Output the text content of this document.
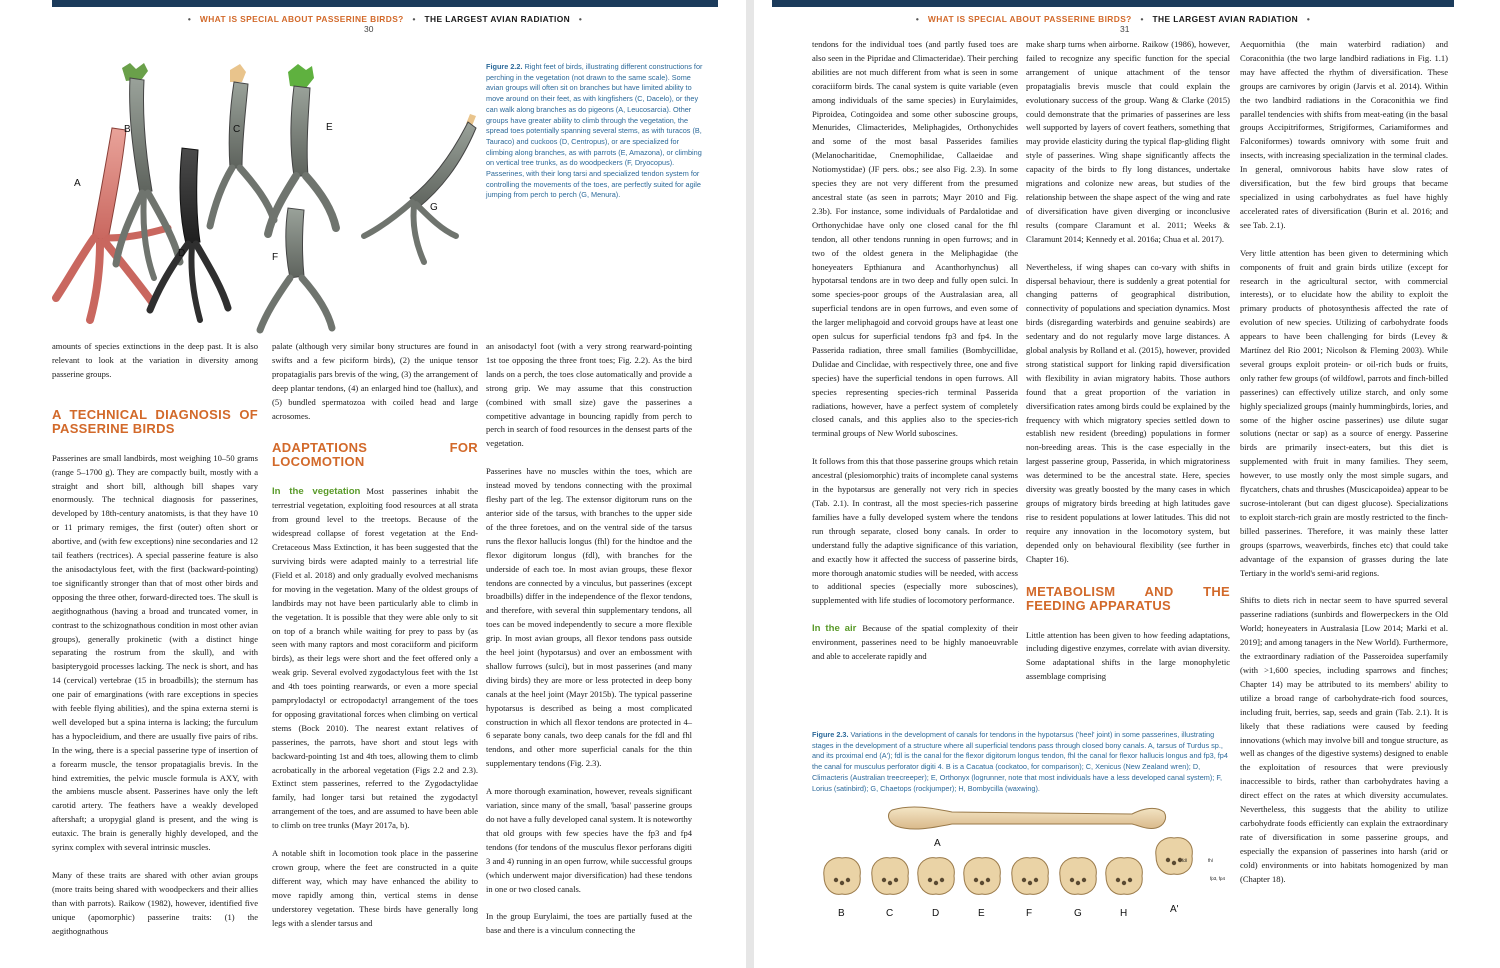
• WHAT IS SPECIAL ABOUT PASSERINE BIRDS? • THE LARGEST AVIAN RADIATION •
30
A
B	C
D
E
F
G
Figure 2.2. Right feet of birds, illustrating different constructions for perching in the vegetation (not drawn to the same scale). Some avian groups will often sit on branches but have limited ability to move around on their feet, as with kingfishers (C, Dacelo), or they can walk along branches as do pigeons (A, Leucosarcia). Other groups have greater ability to climb through the vegetation, the spread toes potentially spanning several stems, as with turacos (B, Tauraco) and cuckoos (D, Centropus), or are specialized for climbing along branches, as with parrots (E, Amazona), or climbing on vertical tree trunks, as do woodpeckers (F, Dryocopus). Passerines, with their long tarsi and specialized tendon system for controlling the movements of the toes, are perfectly suited for agile jumping from perch to perch (G, Menura).

amounts of species extinctions in the deep past. It is also relevant to look at the variation in diversity among passerine groups.

A TECHNICAL DIAGNOSIS OF PASSERINE BIRDS

Passerines are small landbirds, most weighing 10–50 grams (range 5–1700 g). They are compactly built, mostly with a straight and short bill, although bill shapes vary enormously. The technical diagnosis for passerines, developed by 18th-century anatomists, is that they have 10 or 11 primary remiges, the first (outer) often short or abortive, and (with few exceptions) nine secondaries and 12 tail feathers (rectrices). A special passerine feature is also the anisodactylous feet, with the first (backward-pointing) toe significantly stronger than that of most other birds and opposing the three other, forward-directed toes. The skull is aegithognathous (having a broad and truncated vomer, in contrast to the schizognathous condition in most other avian groups), generally prokinetic (with a distinct hinge separating the rostrum from the skull), and with basipterygoid processes lacking. The neck is short, and has 14 (cervical) vertebrae (15 in broadbills); the sternum has one pair of emarginations (with rare exceptions in species with feeble flying abilities), and the spina externa sterni is well developed but a spina interna is lacking; the furculum has a hypocleidium, and there are usually five pairs of ribs. In the wing, there is a special passerine type of insertion of a forearm muscle, the tensor propatagialis brevis. In the hind extremities, the pelvic muscle formula is AXY, with the ambiens muscle absent. Passerines have only the left carotid artery. The feathers have a weakly developed aftershaft; a uropygial gland is present, and the wing is eutaxic. The brain is generally highly developed, and the syrinx complex with several intrinsic muscles.

Many of these traits are shared with other avian groups (more traits being shared with woodpeckers and their allies than with parrots). Raikow (1982), however, identified five unique (apomorphic) passerine traits: (1) the aegithognathous

palate (although very similar bony structures are found in swifts and a few piciform birds), (2) the unique tensor propatagialis pars brevis of the wing, (3) the arrangement of deep plantar tendons, (4) an enlarged hind toe (hallux), and (5) bundled spermatozoa with coiled head and large acrosomes.

ADAPTATIONS FOR LOCOMOTION

In the vegetation Most passerines inhabit the terrestrial vegetation, exploiting food resources at all strata from ground level to the treetops. Because of the widespread collapse of forest vegetation at the End-Cretaceous Mass Extinction, it has been suggested that the surviving birds were adapted mainly to a terrestrial life (Field et al. 2018) and only gradually evolved mechanisms for moving in the vegetation. Many of the oldest groups of landbirds may not have been particularly able to climb in the vegetation. It is possible that they were able only to sit on top of a branch while waiting for prey to pass by (as seen with many raptors and most coraciiform and piciform birds), as their legs were short and the feet offered only a weak grip. Several evolved zygodactylous feet with the 1st and 4th toes pointing rearwards, or even a more special pamprylodactyl or ectropodactyl arrangement of the toes for opposing gravitational forces when climbing on vertical stems (Bock 2010). The nearest extant relatives of passerines, the parrots, have short and stout legs with backward-pointing 1st and 4th toes, allowing them to climb acrobatically in the arboreal vegetation (Figs 2.2 and 2.3). Extinct stem passerines, referred to the Zygodactylidae family, had longer tarsi but retained the zygodactyl arrangement of the toes, and are assumed to have been able to climb on tree trunks (Mayr 2017a, b).

A notable shift in locomotion took place in the passerine crown group, where the feet are constructed in a quite different way, which may have enhanced the ability to move rapidly among thin, vertical stems in dense understorey vegetation. These birds have generally long legs with a slender tarsus and

an anisodactyl foot (with a very strong rearward-pointing 1st toe opposing the three front toes; Fig. 2.2). As the bird lands on a perch, the toes close automatically and provide a strong grip. We may assume that this construction (combined with small size) gave the passerines a competitive advantage in bouncing rapidly from perch to perch in search of food resources in the densest parts of the vegetation.

Passerines have no muscles within the toes, which are instead moved by tendons connecting with the proximal fleshy part of the leg. The extensor digitorum runs on the anterior side of the tarsus, with branches to the upper side of the three foretoes, and on the ventral side of the tarsus runs the flexor hallucis longus (fhl) for the hindtoe and the flexor digitorum longus (fdl), with branches for the underside of each toe. In most avian groups, these flexor tendons are connected by a vinculus, but passerines (except broadbills) differ in the independence of the flexor tendons, and therefore, with several thin supplementary tendons, all toes can be moved independently to secure a more flexible grip. In most avian groups, all flexor tendons pass outside the heel joint (hypotarsus) and over an embossment with shallow furrows (sulci), but in most passerines (and many diving birds) they are more or less protected in deep bony canals at the heel joint (Mayr 2015b). The typical passerine hypotarsus is described as being a most complicated construction in which all flexor tendons are protected in 4–6 separate bony canals, two deep canals for the fdl and fhl tendons, and other more superficial canals for the thin supplementary tendons (Fig. 2.3).

A more thorough examination, however, reveals significant variation, since many of the small, 'basal' passerine groups do not have a fully developed canal system. It is noteworthy that old groups with few species have the fp3 and fp4 tendons (for tendons of the musculus flexor perforans digiti 3 and 4) running in an open furrow, while successful groups (which underwent major diversification) had these tendons in one or two closed canals.

In the group Eurylaimi, the toes are partially fused at the base and there is a vinculum connecting the

• WHAT IS SPECIAL ABOUT PASSERINE BIRDS? • THE LARGEST AVIAN RADIATION •
31

tendons for the individual toes (and partly fused toes are also seen in the Pipridae and Climacteridae). Their perching abilities are not much different from what is seen in some coraciiform birds. The canal system is quite variable (even among individuals of the same species) in Eurylaimides, Piproidea, Cotingoidea and some other suboscine groups, Menurides, Climacterides, Meliphagides, Orthonychides and some of the most basal Passerides families (Melanocharitidae, Cnemophilidae, Callaeidae and Notiomystidae) (JF pers. obs.; see also Fig. 2.3). In some species they are not very different from the presumed ancestral state (as seen in parrots; Mayr 2010 and Fig. 2.3b). For instance, some individuals of Pardalotidae and Orthonychidae have only one closed canal for the fhl tendon, all other tendons running in open furrows; and in two of the oldest genera in the Meliphagidae (the honeyeaters Epthianura and Acanthorhynchus) all hypotarsal tendons are in two deep and fully open sulci. In some species-poor groups of the Australasian area, all superficial tendons are in open furrows, and even some of the larger meliphagoid and corvoid groups have at least one open sulcus for superficial tendons fp3 and fp4. In the Passerida radiation, three small families (Bombycillidae, Dulidae and Cinclidae, with respectively three, one and five species) have the superficial tendons in open furrows. All species representing species-rich terminal Passerida radiations, however, have a perfect system of completely closed canals, and this applies also to the species-rich terminal groups of New World suboscines.

It follows from this that those passerine groups which retain ancestral (plesiomorphic) traits of incomplete canal systems in the hypotarsus are generally not very rich in species (Tab. 2.1). In contrast, all the most species-rich passerine families have a fully developed system where the tendons run through separate, closed bony canals. In order to understand fully the adaptive significance of this variation, and exactly how it affected the success of passerine birds, more thorough anatomic studies will be needed, with access to additional species (especially more suboscines), supplemented with life studies of locomotory performance.

In the air Because of the spatial complexity of their environment, passerines need to be highly manoeuvrable and able to accelerate rapidly and

make sharp turns when airborne. Raikow (1986), however, failed to recognize any specific function for the special arrangement of unique attachment of the tensor propatagialis brevis muscle that could explain the evolutionary success of the group. Wang & Clarke (2015) could demonstrate that the primaries of passerines are less well supported by layers of covert feathers, something that may provide elasticity during the typical flap-gliding flight style of passerines. Wing shape significantly affects the capacity of the birds to fly long distances, undertake migrations and colonize new areas, but studies of the relationship between the shape aspect of the wing and rate of diversification have given diverging or inconclusive results (compare Claramunt et al. 2011; Weeks & Claramunt 2014; Kennedy et al. 2016a; Chua et al. 2017).

Nevertheless, if wing shapes can co-vary with shifts in dispersal behaviour, there is suddenly a great potential for changing patterns of geographical distribution, connectivity of populations and speciation dynamics. Most birds (disregarding waterbirds and genuine seabirds) are sedentary and do not regularly move large distances. A global analysis by Rolland et al. (2015), however, provided strong statistical support for linking rapid diversification with flexibility in avian migratory habits. Those authors found that a great proportion of the variation in diversification rates among birds could be explained by the frequency with which migratory species settled down to establish new resident (breeding) populations in former non-breeding areas. This is the case especially in the largest passerine group, Passerida, in which migratoriness was determined to be the ancestral state. Here, species diversity was greatly boosted by the many cases in which groups of migratory birds breeding at high latitudes gave rise to resident populations at lower latitudes. This did not require any innovation in the locomotory system, but depended only on behavioural flexibility (see further in Chapter 16).

METABOLISM AND THE FEEDING APPARATUS

Little attention has been given to how feeding adaptations, including digestive enzymes, correlate with avian diversity. Some adaptational shifts in the large monophyletic assemblage comprising

Aequornithia (the main waterbird radiation) and Coraconithia (the two large landbird radiations in Fig. 1.1) may have affected the rhythm of diversification. These groups are carnivores by origin (Jarvis et al. 2014). Within the two landbird radiations in the Coraconithia we find parallel tendencies with shifts from meat-eating (in the basal groups Accipitriformes, Strigiformes, Cariamiformes and Falconiformes) towards omnivory with some fruit and insects, with increasing specialization in the terminal clades. In general, omnivorous habits have slow rates of diversification, but the few bird groups that became specialized in using carbohydrates as fuel have highly accelerated rates of diversification (Burin et al. 2016; and see Tab. 2.1).

Very little attention has been given to determining which components of fruit and grain birds utilize (except for research in the agricultural sector, with commercial interests), or to elucidate how the ability to exploit the primary products of photosynthesis affected the rate of evolution of new species. Utilizing of carbohydrate foods appears to have been challenging for birds (Levey & Martínez del Rio 2001; Nicolson & Fleming 2003). While several groups exploit protein- or oil-rich buds or fruits, only rather few groups (of wildfowl, parrots and finch-billed passerines) can effectively utilize starch, and only some highly specialized groups (mainly hummingbirds, lories, and some of the higher oscine passerines) use dilute sugar solutions (nectar or sap) as a source of energy. Passerine birds are primarily insect-eaters, but this diet is supplemented with fruit in many families. They seem, however, to use mostly only the most simple sugars, and flycatchers, chats and thrushes (Muscicapoidea) appear to be sucrose-intolerant (but can digest glucose). Specializations to exploit starch-rich grain are mostly restricted to the finch-billed passerines. Therefore, it was mainly these latter groups (sparrows, weaverbirds, finches etc) that could take advantage of the expansion of grasses during the late Tertiary in the world's semi-arid regions.

Shifts to diets rich in nectar seem to have spurred several passerine radiations (sunbirds and flowerpeckers in the Old World; honeyeaters in Australasia [Low 2014; Marki et al. 2019]; and among tanagers in the New World). Furthermore, the extraordinary radiation of the Passeroidea superfamily (with >1,600 species, including sparrows and finches; Chapter 14) may be attributed to its members' ability to utilize a broad range of carbohydrate-rich food sources, including fruit, berries, sap, seeds and grain (Tab. 2.1). It is likely that these radiations were caused by feeding innovations (which may involve bill and tongue structure, as well as changes of the digestive systems) designed to enable the exploitation of resources that were previously inaccessible to birds, rather than carbohydrates having a direct effect on the rates at which diversity accumulates. Nevertheless, this suggests that the ability to utilize carbohydrate foods efficiently can explain the extraordinary rate of diversification in some passerine groups, and especially the expansion of passerines into harsh (arid or cold) environments or into habitats homogenized by man (Chapter 18).

Figure 2.3. Variations in the development of canals for tendons in the hypotarsus ('heel' joint) in some passerines, illustrating stages in the development of a structure where all superficial tendons pass through closed bony canals. A, tarsus of Turdus sp., and its proximal end (A'); fdl is the canal for the flexor digitorum longus tendon, fhl the canal for flexor hallucis longus and fp3, fp4 the canal for musculus perforator digiti 4. B is a Cacatua (cockatoo, for comparison); C, Xenicus (New Zealand wren); D, Climacteris (Australian treecreeper); E, Orthonyx (logrunner, note that most individuals have a less developed canal system); F, Lorius (satinbird); G, Chaetops (rockjumper); H, Bombycilla (waxwing).
A
B	C	D	E	F	G	H	A'
fdl	fhl
fp3, fp4
